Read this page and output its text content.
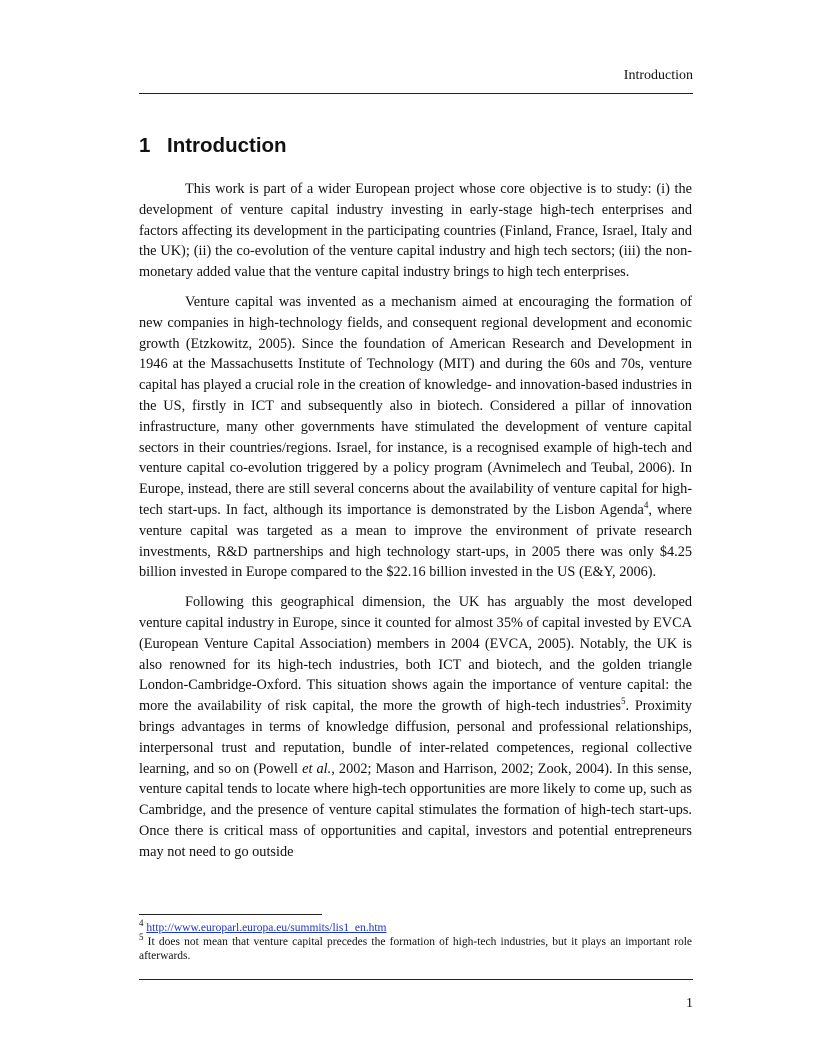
Introduction
1 Introduction

This work is part of a wider European project whose core objective is to study: (i) the development of venture capital industry investing in early-stage high-tech enterprises and factors affecting its development in the participating countries (Finland, France, Israel, Italy and the UK); (ii) the co-evolution of the venture capital industry and high tech sectors; (iii) the non-monetary added value that the venture capital industry brings to high tech enterprises.

Venture capital was invented as a mechanism aimed at encouraging the formation of new companies in high-technology fields, and consequent regional development and economic growth (Etzkowitz, 2005). Since the foundation of American Research and Development in 1946 at the Massachusetts Institute of Technology (MIT) and during the 60s and 70s, venture capital has played a crucial role in the creation of knowledge- and innovation-based industries in the US, firstly in ICT and subsequently also in biotech. Considered a pillar of innovation infrastructure, many other governments have stimulated the development of venture capital sectors in their countries/regions. Israel, for instance, is a recognised example of high-tech and venture capital co-evolution triggered by a policy program (Avnimelech and Teubal, 2006). In Europe, instead, there are still several concerns about the availability of venture capital for high-tech start-ups. In fact, although its importance is demonstrated by the Lisbon Agenda$^4$, where venture capital was targeted as a mean to improve the environment of private research investments, R&D partnerships and high technology start-ups, in 2005 there was only $4.25 billion invested in Europe compared to the $22.16 billion invested in the US (E&Y, 2006).

Following this geographical dimension, the UK has arguably the most developed venture capital industry in Europe, since it counted for almost 35% of capital invested by EVCA (European Venture Capital Association) members in 2004 (EVCA, 2005). Notably, the UK is also renowned for its high-tech industries, both ICT and biotech, and the golden triangle London-Cambridge-Oxford. This situation shows again the importance of venture capital: the more the availability of risk capital, the more the growth of high-tech industries$^5$. Proximity brings advantages in terms of knowledge diffusion, personal and professional relationships, interpersonal trust and reputation, bundle of inter-related competences, regional collective learning, and so on (Powell et al., 2002; Mason and Harrison, 2002; Zook, 2004). In this sense, venture capital tends to locate where high-tech opportunities are more likely to come up, such as Cambridge, and the presence of venture capital stimulates the formation of high-tech start-ups. Once there is critical mass of opportunities and capital, investors and potential entrepreneurs may not need to go outside

$^4$ http://www.europarl.europa.eu/summits/lis1_en.htm

$^5$ It does not mean that venture capital precedes the formation of high-tech industries, but it plays an important role afterwards.

1
